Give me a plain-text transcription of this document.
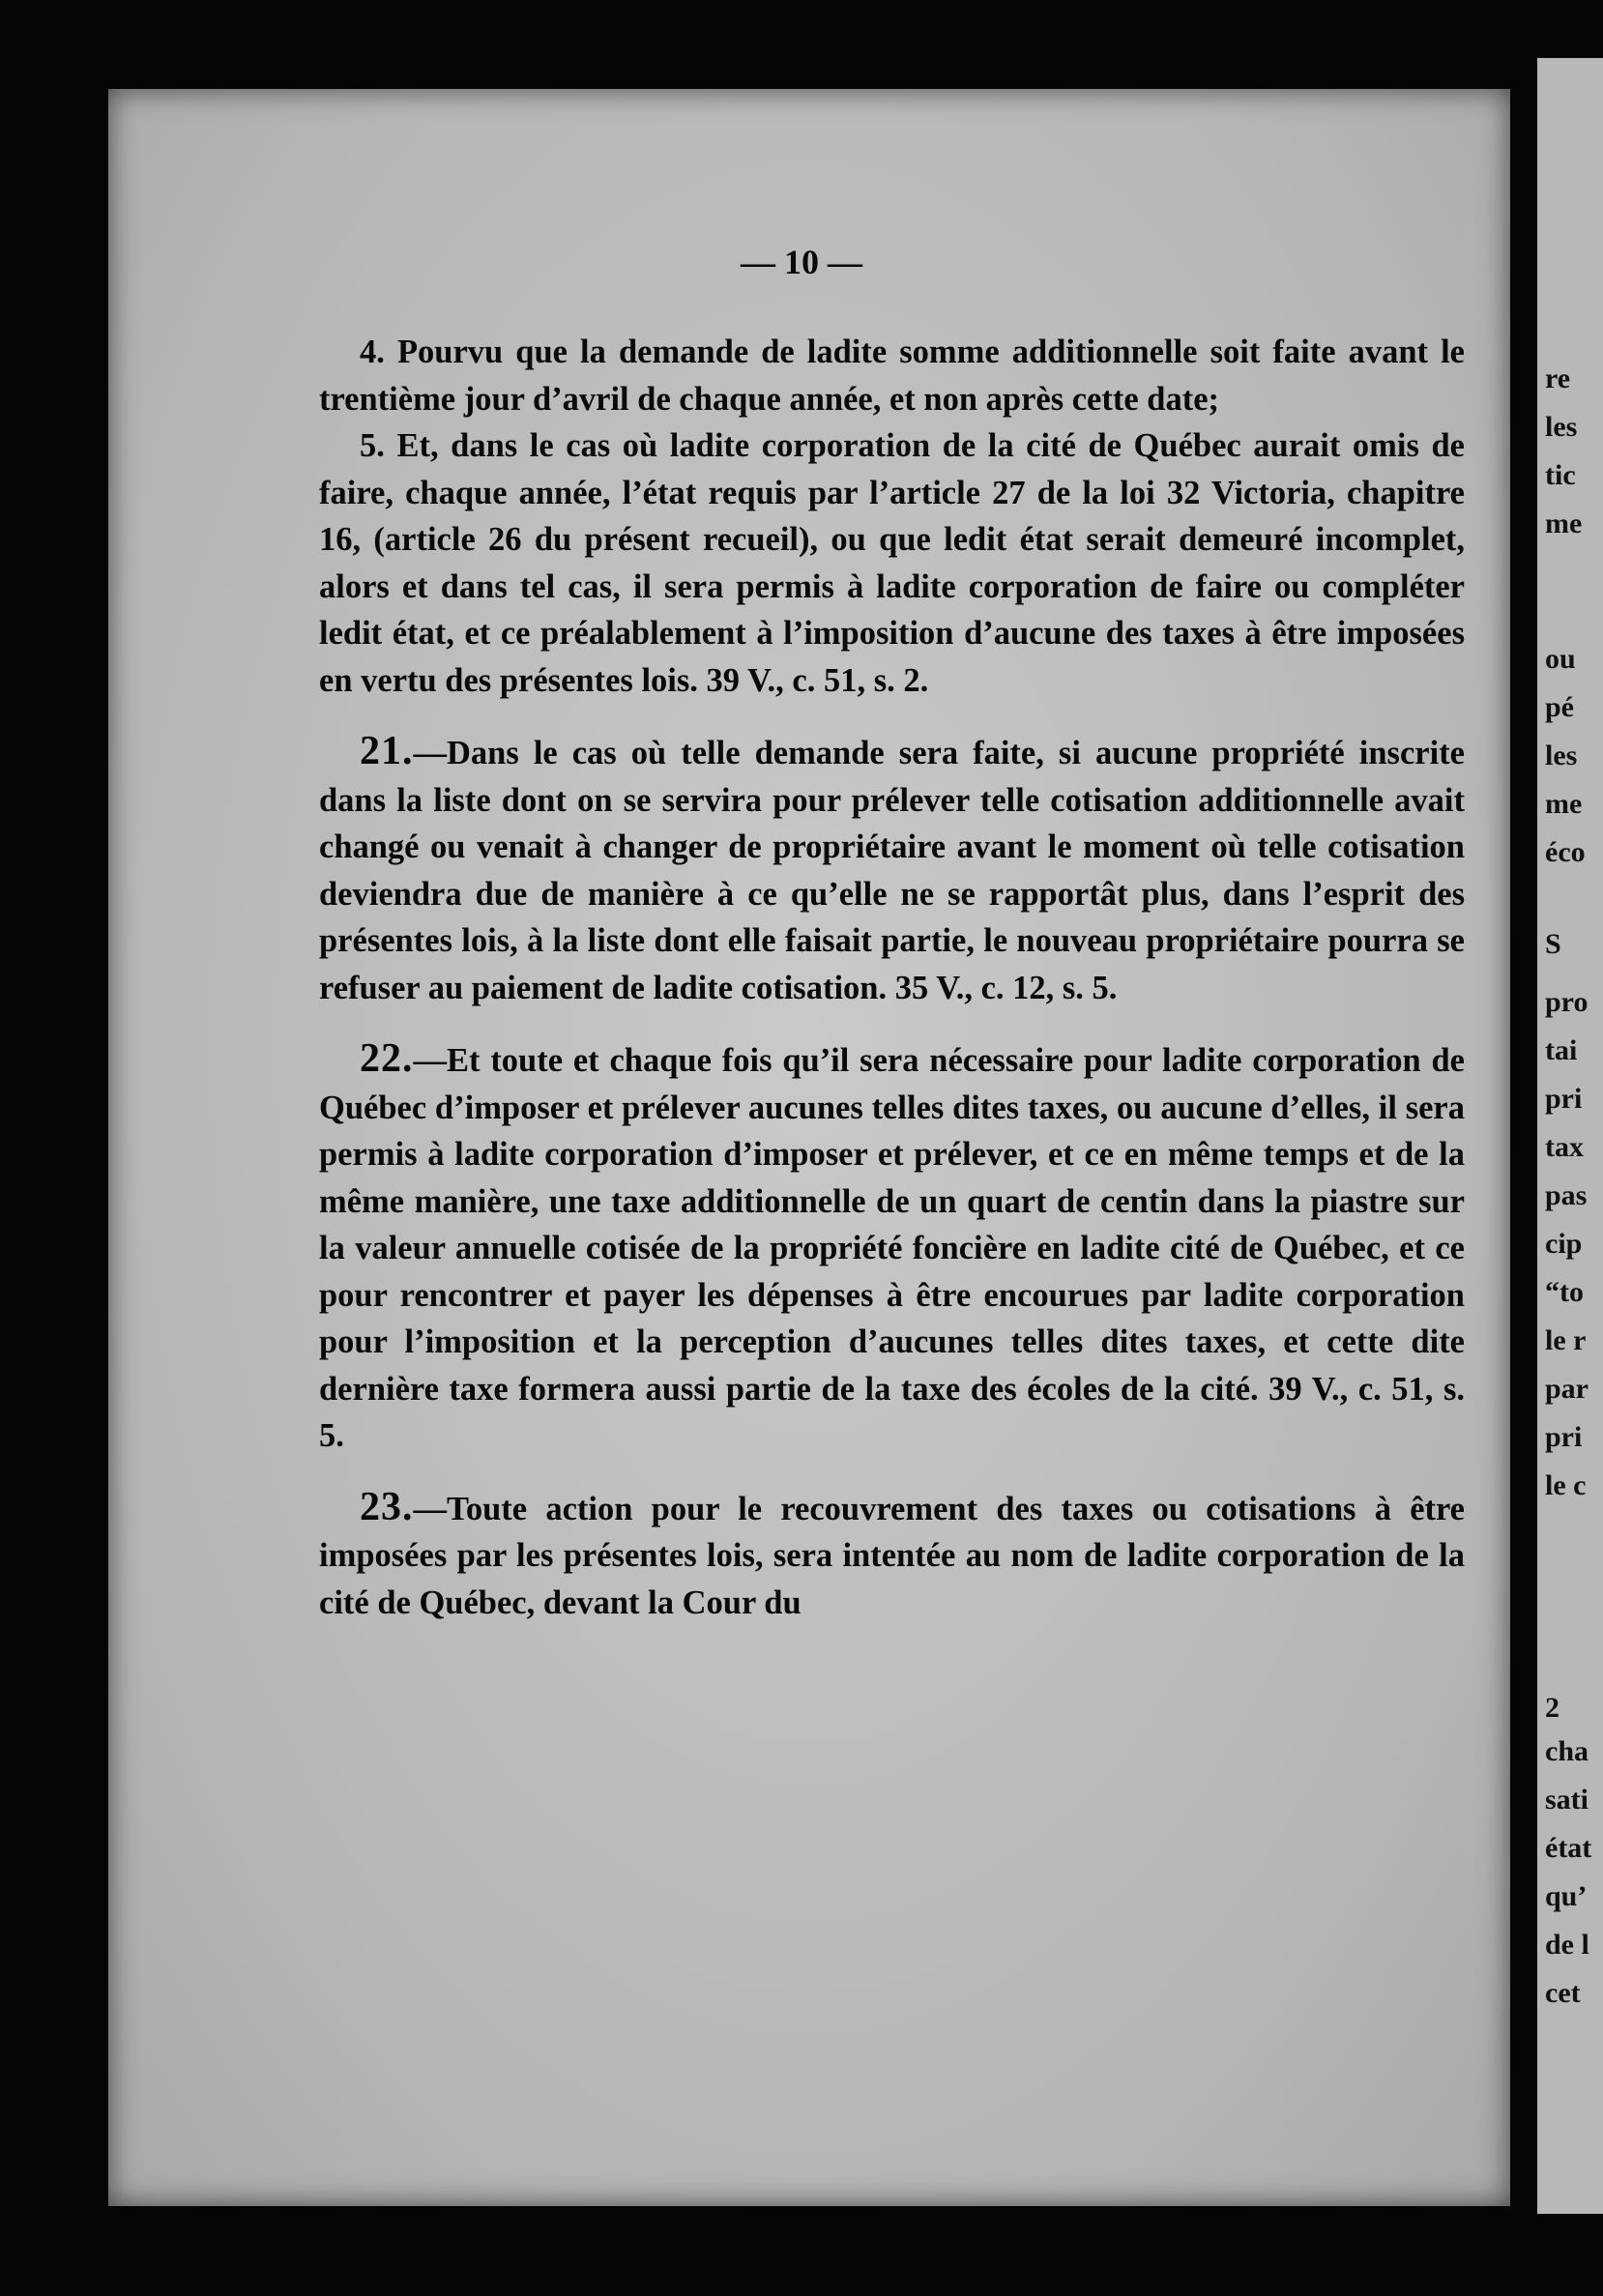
re
les
tic
me
ou
pé
les
me
éco
S
pro
tai
pri
tax
pas
cip
“to
le r
par
pri
le c
2
cha
sati
état
qu’
de l
cet
— 10 —

4. Pourvu que la demande de ladite somme additionnelle soit faite avant le trentième jour d’avril de chaque année, et non après cette date;

5. Et, dans le cas où ladite corporation de la cité de Québec aurait omis de faire, chaque année, l’état requis par l’article 27 de la loi 32 Victoria, chapitre 16, (article 26 du présent recueil), ou que ledit état serait demeuré incomplet, alors et dans tel cas, il sera permis à ladite corporation de faire ou compléter ledit état, et ce préalablement à l’imposition d’aucune des taxes à être imposées en vertu des présentes lois. 39 V., c. 51, s. 2.

21.—Dans le cas où telle demande sera faite, si aucune propriété inscrite dans la liste dont on se servira pour prélever telle cotisation additionnelle avait changé ou venait à changer de propriétaire avant le moment où telle cotisation deviendra due de manière à ce qu’elle ne se rapportât plus, dans l’esprit des présentes lois, à la liste dont elle faisait partie, le nouveau propriétaire pourra se refuser au paiement de ladite cotisation. 35 V., c. 12, s. 5.

22.—Et toute et chaque fois qu’il sera nécessaire pour ladite corporation de Québec d’imposer et prélever aucunes telles dites taxes, ou aucune d’elles, il sera permis à ladite corporation d’imposer et prélever, et ce en même temps et de la même manière, une taxe additionnelle de un quart de centin dans la piastre sur la valeur annuelle cotisée de la propriété foncière en ladite cité de Québec, et ce pour rencontrer et payer les dépenses à être encourues par ladite corporation pour l’imposition et la perception d’aucunes telles dites taxes, et cette dite dernière taxe formera aussi partie de la taxe des écoles de la cité. 39 V., c. 51, s. 5.

23.—Toute action pour le recouvrement des taxes ou cotisations à être imposées par les présentes lois, sera intentée au nom de ladite corporation de la cité de Québec, devant la Cour du
